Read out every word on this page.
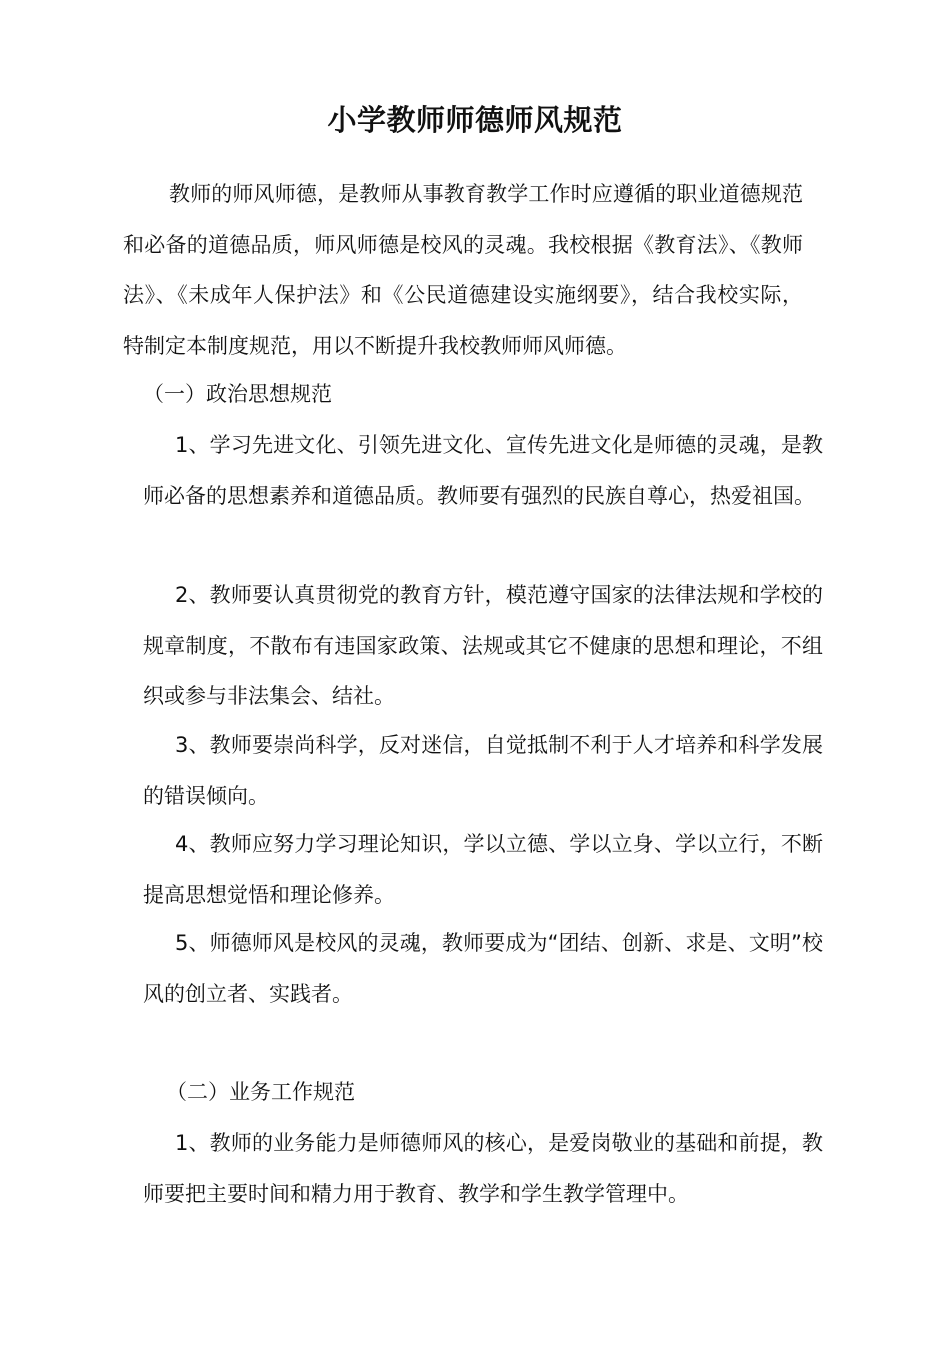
小学教师师德师风规范

教师的师风师德，是教师从事教育教学工作时应遵循的职业道德规范和必备的道德品质，师风师德是校风的灵魂。我校根据《教育法》、《教师法》、《未成年人保护法》和《公民道德建设实施纲要》，结合我校实际，特制定本制度规范，用以不断提升我校教师师风师德。

（一）政治思想规范

1、学习先进文化、引领先进文化、宣传先进文化是师德的灵魂，是教师必备的思想素养和道德品质。教师要有强烈的民族自尊心，热爱祖国。

2、教师要认真贯彻党的教育方针，模范遵守国家的法律法规和学校的规章制度，不散布有违国家政策、法规或其它不健康的思想和理论，不组织或参与非法集会、结社。

3、教师要崇尚科学，反对迷信，自觉抵制不利于人才培养和科学发展的错误倾向。

4、教师应努力学习理论知识，学以立德、学以立身、学以立行，不断提高思想觉悟和理论修养。

5、师德师风是校风的灵魂，教师要成为“团结、创新、求是、文明”校风的创立者、实践者。

（二）业务工作规范

1、教师的业务能力是师德师风的核心，是爱岗敬业的基础和前提，教师要把主要时间和精力用于教育、教学和学生教学管理中。
